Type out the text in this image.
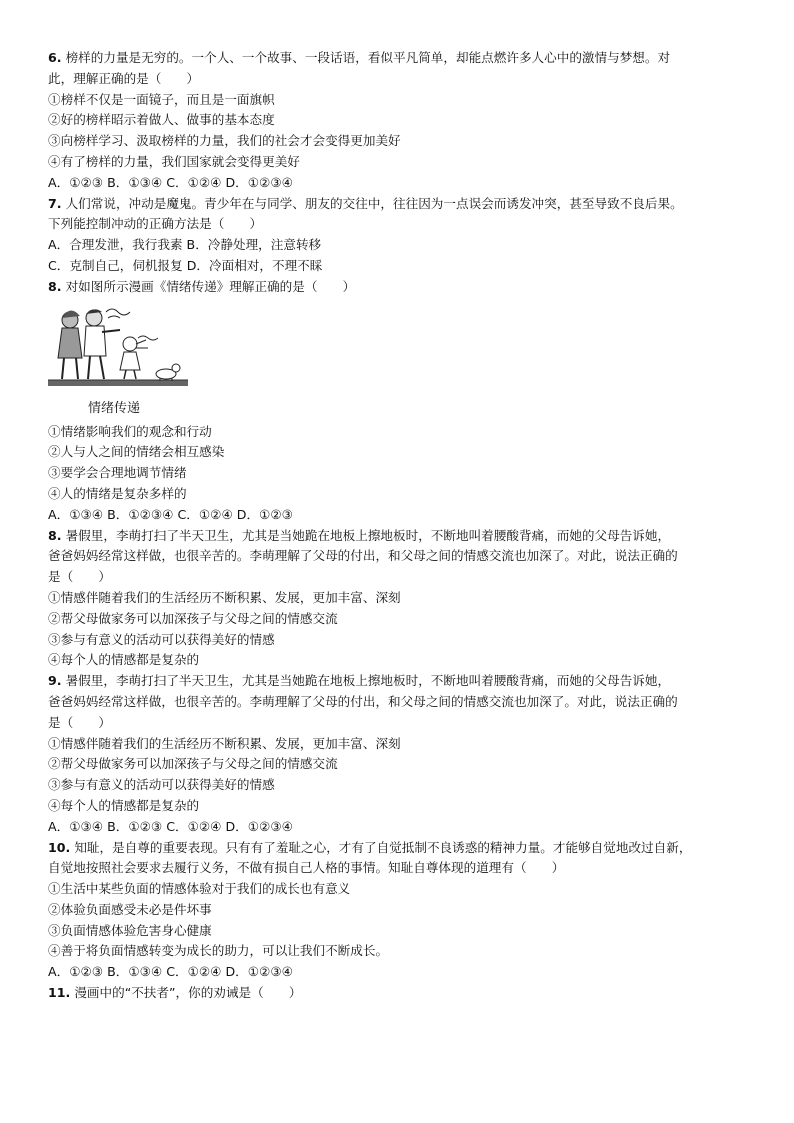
6. 榜样的力量是无穷的。一个人、一个故事、一段话语，看似平凡简单，却能点燃许多人心中的激情与梦想。对

此，理解正确的是（　　）

①榜样不仅是一面镜子，而且是一面旗帜

②好的榜样昭示着做人、做事的基本态度

③向榜样学习、汲取榜样的力量，我们的社会才会变得更加美好

④有了榜样的力量，我们国家就会变得更美好

A．①②③ B．①③④ C．①②④ D．①②③④

7. 人们常说，冲动是魔鬼。青少年在与同学、朋友的交往中，往往因为一点误会而诱发冲突，甚至导致不良后果。

下列能控制冲动的正确方法是（　　）

A．合理发泄，我行我素 B．冷静处理，注意转移

C．克制自己，伺机报复 D．冷面相对，不理不睬

8. 对如图所示漫画《情绪传递》理解正确的是（　　）

情绪传递

①情绪影响我们的观念和行动

②人与人之间的情绪会相互感染

③要学会合理地调节情绪

④人的情绪是复杂多样的

A．①③④ B．①②③④ C．①②④ D．①②③

8. 暑假里，李萌打扫了半天卫生，尤其是当她跪在地板上擦地板时，不断地叫着腰酸背痛，而她的父母告诉她，

爸爸妈妈经常这样做，也很辛苦的。李萌理解了父母的付出，和父母之间的情感交流也加深了。对此，说法正确的

是（　　）

①情感伴随着我们的生活经历不断积累、发展，更加丰富、深刻

②帮父母做家务可以加深孩子与父母之间的情感交流

③参与有意义的活动可以获得美好的情感

④每个人的情感都是复杂的

9. 暑假里，李萌打扫了半天卫生，尤其是当她跪在地板上擦地板时，不断地叫着腰酸背痛，而她的父母告诉她，

爸爸妈妈经常这样做，也很辛苦的。李萌理解了父母的付出，和父母之间的情感交流也加深了。对此，说法正确的

是（　　）

①情感伴随着我们的生活经历不断积累、发展，更加丰富、深刻

②帮父母做家务可以加深孩子与父母之间的情感交流

③参与有意义的活动可以获得美好的情感

④每个人的情感都是复杂的

A．①③④ B．①②③ C．①②④ D．①②③④

10. 知耻，是自尊的重要表现。只有有了羞耻之心，才有了自觉抵制不良诱惑的精神力量。才能够自觉地改过自新，

自觉地按照社会要求去履行义务，不做有损自己人格的事情。知耻自尊体现的道理有（　　）

①生活中某些负面的情感体验对于我们的成长也有意义

②体验负面感受未必是件坏事

③负面情感体验危害身心健康

④善于将负面情感转变为成长的助力，可以让我们不断成长。

A．①②③ B．①③④ C．①②④ D．①②③④

11. 漫画中的“不扶者”，你的劝诫是（　　）
